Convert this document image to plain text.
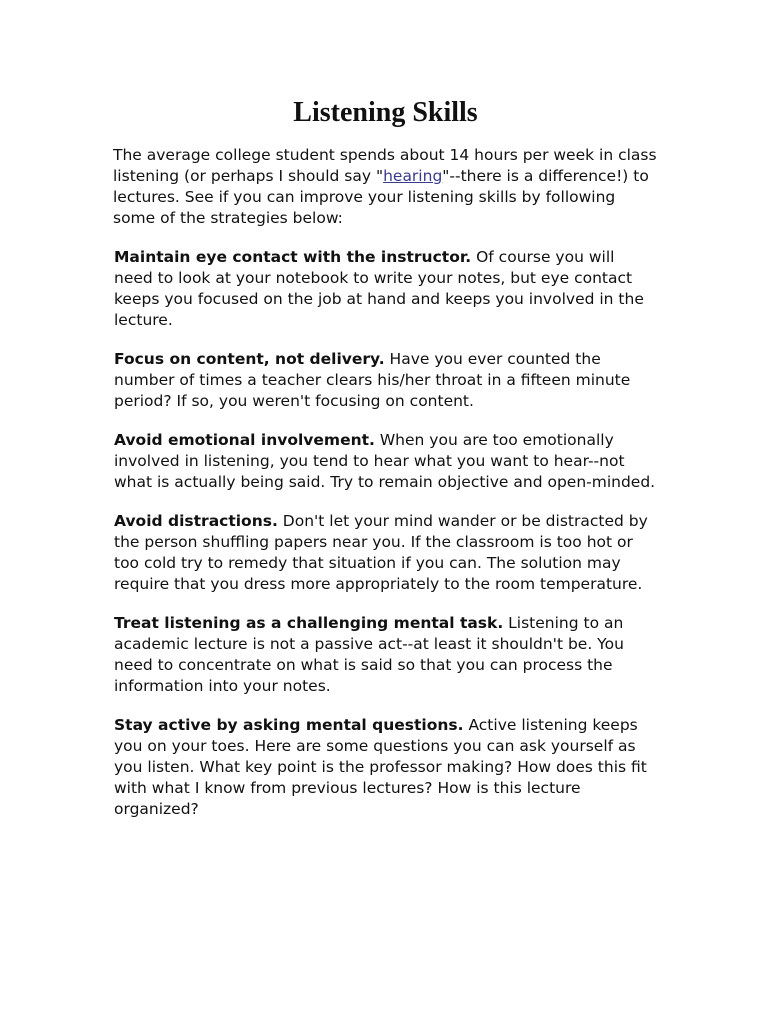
Listening Skills

The average college student spends about 14 hours per week in class listening (or perhaps I should say "hearing"--there is a difference!) to lectures. See if you can improve your listening skills by following some of the strategies below:

Maintain eye contact with the instructor. Of course you will need to look at your notebook to write your notes, but eye contact keeps you focused on the job at hand and keeps you involved in the lecture.

Focus on content, not delivery. Have you ever counted the number of times a teacher clears his/her throat in a fifteen minute period? If so, you weren't focusing on content.

Avoid emotional involvement. When you are too emotionally involved in listening, you tend to hear what you want to hear--not what is actually being said. Try to remain objective and open-minded.

Avoid distractions. Don't let your mind wander or be distracted by the person shuffling papers near you. If the classroom is too hot or too cold try to remedy that situation if you can. The solution may require that you dress more appropriately to the room temperature.

Treat listening as a challenging mental task. Listening to an academic lecture is not a passive act--at least it shouldn't be. You need to concentrate on what is said so that you can process the information into your notes.

Stay active by asking mental questions. Active listening keeps you on your toes. Here are some questions you can ask yourself as you listen. What key point is the professor making? How does this fit with what I know from previous lectures? How is this lecture organized?
